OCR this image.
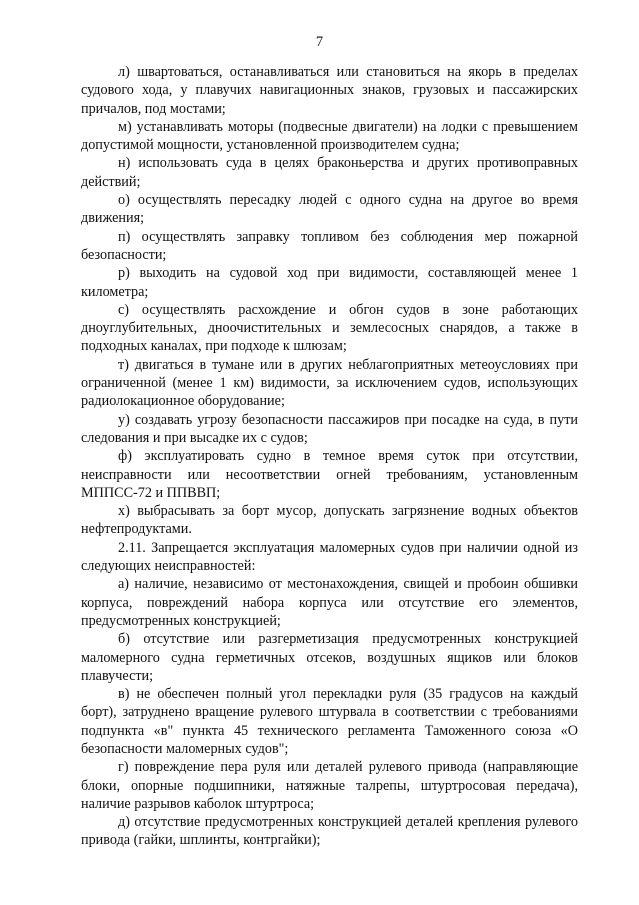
7

л) швартоваться, останавливаться или становиться на якорь в пределах судового хода, у плавучих навигационных знаков, грузовых и пассажирских причалов, под мостами;

м) устанавливать моторы (подвесные двигатели) на лодки с превышением допустимой мощности, установленной производителем судна;

н) использовать суда в целях браконьерства и других противоправных действий;

о) осуществлять пересадку людей с одного судна на другое во время движения;

п) осуществлять заправку топливом без соблюдения мер пожарной безопасности;

р) выходить на судовой ход при видимости, составляющей менее 1 километра;

с) осуществлять расхождение и обгон судов в зоне работающих дноуглубительных, дноочистительных и землесосных снарядов, а также в подходных каналах, при подходе к шлюзам;

т) двигаться в тумане или в других неблагоприятных метеоусловиях при ограниченной (менее 1 км) видимости, за исключением судов, использующих радиолокационное оборудование;

у) создавать угрозу безопасности пассажиров при посадке на суда, в пути следования и при высадке их с судов;

ф) эксплуатировать судно в темное время суток при отсутствии, неисправности или несоответствии огней требованиям, установленным МППСС-72 и ППВВП;

х) выбрасывать за борт мусор, допускать загрязнение водных объектов нефтепродуктами.

2.11. Запрещается эксплуатация маломерных судов при наличии одной из следующих неисправностей:

а) наличие, независимо от местонахождения, свищей и пробоин обшивки корпуса, повреждений набора корпуса или отсутствие его элементов, предусмотренных конструкцией;

б) отсутствие или разгерметизация предусмотренных конструкцией маломерного судна герметичных отсеков, воздушных ящиков или блоков плавучести;

в) не обеспечен полный угол перекладки руля (35 градусов на каждый борт), затруднено вращение рулевого штурвала в соответствии с требованиями подпункта «в" пункта 45 технического регламента Таможенного союза «О безопасности маломерных судов";

г) повреждение пера руля или деталей рулевого привода (направляющие блоки, опорные подшипники, натяжные талрепы, штуртросовая передача), наличие разрывов каболок штуртроса;

д) отсутствие предусмотренных конструкцией деталей крепления рулевого привода (гайки, шплинты, контргайки);
